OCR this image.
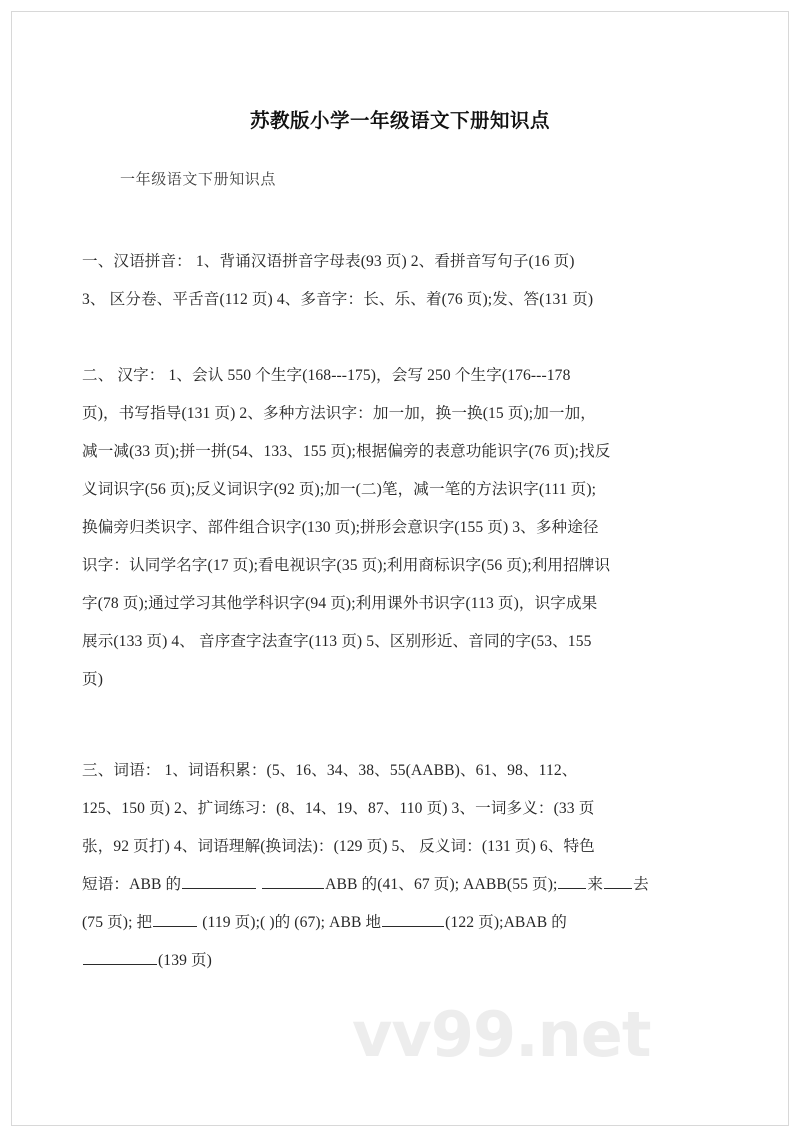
苏教版小学一年级语文下册知识点
一年级语文下册知识点
一、汉语拼音： 1、背诵汉语拼音字母表(93 页) 2、看拼音写句子(16 页)
3、 区分卷、平舌音(112 页) 4、多音字：长、乐、着(76 页);发、答(131 页)
二、 汉字： 1、会认 550 个生字(168---175)，会写 250 个生字(176---178
页)，书写指导(131 页) 2、多种方法识字：加一加，换一换(15 页);加一加，
减一减(33 页);拼一拼(54、133、155 页);根据偏旁的表意功能识字(76 页);找反
义词识字(56 页);反义词识字(92 页);加一(二)笔，减一笔的方法识字(111 页);
换偏旁归类识字、部件组合识字(130 页);拼形会意识字(155 页) 3、多种途径
识字：认同学名字(17 页);看电视识字(35 页);利用商标识字(56 页);利用招牌识
字(78 页);通过学习其他学科识字(94 页);利用课外书识字(113 页)，识字成果
展示(133 页) 4、 音序查字法查字(113 页) 5、区别形近、音同的字(53、155
页)
三、词语： 1、词语积累：(5、16、34、38、55(AABB)、61、98、112、
125、150 页) 2、扩词练习：(8、14、19、87、110 页) 3、一词多义：(33 页
张，92 页打) 4、词语理解(换词法)：(129 页) 5、 反义词：(131 页) 6、特色
短语：ABB 的	ABB 的(41、67 页); AABB(55 页); 来 去
(75 页); 把	(119 页);( )的 (67); ABB 地	(122 页);ABAB 的
(139 页)
vv99.net
